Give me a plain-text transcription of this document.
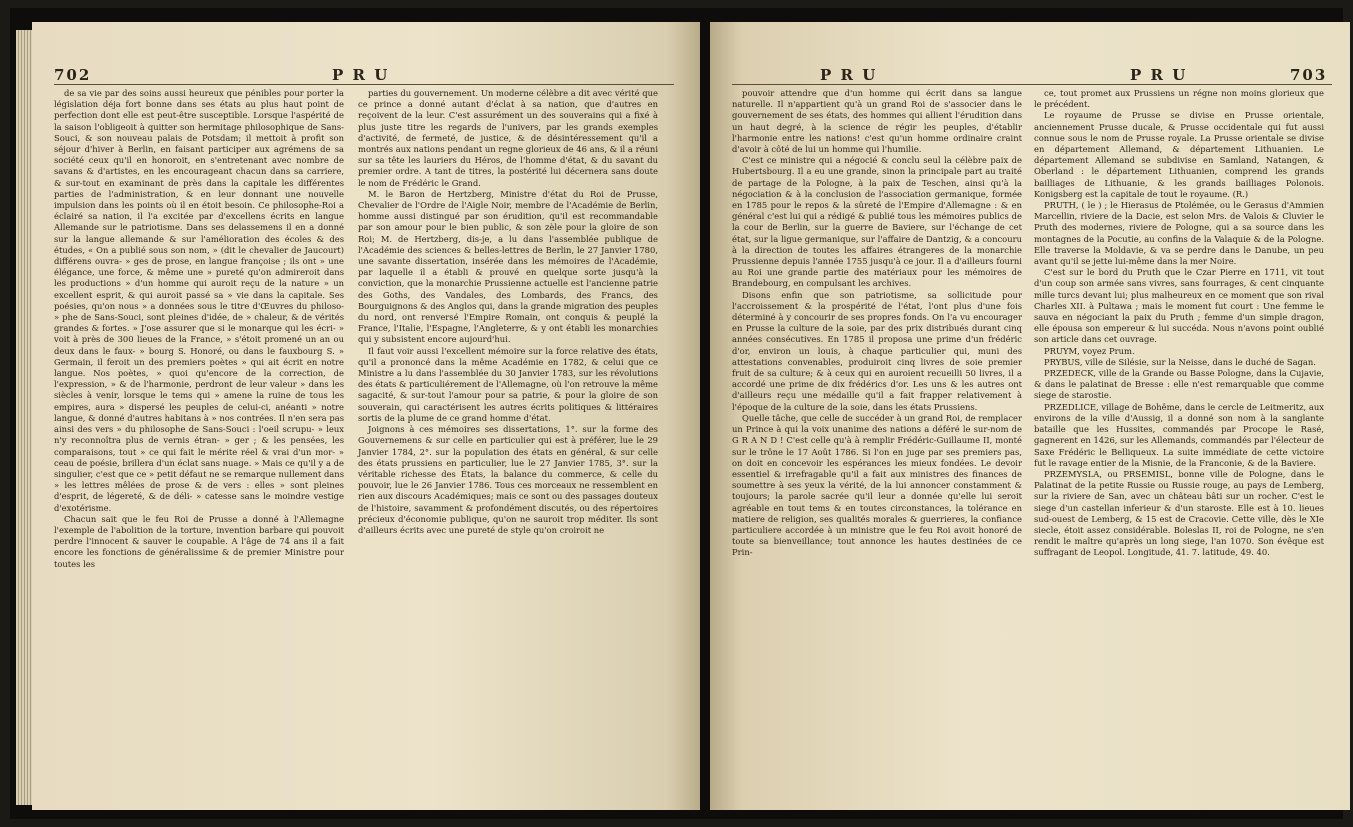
702	P R U

de sa vie par des soins aussi heureux que pénibles pour porter la législation déja fort bonne dans ses états au plus haut point de perfection dont elle est peut-être susceptible. Lorsque l'aspérité de la saison l'obligeoit à quitter son hermitage philosophique de Sans-Souci, & son nouveau palais de Potsdam; il mettoit à profit son séjour d'hiver à Berlin, en faisant participer aux agrémens de sa société ceux qu'il en honoroit, en s'entretenant avec nombre de savans & d'artistes, en les encourageant chacun dans sa carriere, & sur-tout en examinant de près dans la capitale les différentes parties de l'administration, & en leur donnant une nouvelle impulsion dans les points où il en étoit besoin. Ce philosophe-Roi a éclairé sa nation, il l'a excitée par d'excellens écrits en langue Allemande sur le patriotisme. Dans ses delassemens il en a donné sur la langue allemande & sur l'amélioration des écoles & des études, « On a publié sous son nom, » (dit le chevalier de Jaucourt) différens ouvra- » ges de prose, en langue françoise ; ils ont » une élégance, une force, & même une » pureté qu'on admireroit dans les productions » d'un homme qui auroit reçu de la nature » un excellent esprit, & qui auroit passé sa » vie dans la capitale. Ses poésies, qu'on nous » a données sous le titre d'Œuvres du philoso- » phe de Sans-Souci, sont pleines d'idée, de » chaleur, & de vérités grandes & fortes. » J'ose assurer que si le monarque qui les écri- » voit à près de 300 lieues de la France, » s'étoit promené un an ou deux dans le faux- » bourg S. Honoré, ou dans le fauxbourg S. » Germain, il feroit un des premiers poètes » qui ait écrit en notre langue. Nos poètes, » quoi qu'encore de la correction, de l'expression, » & de l'harmonie, perdront de leur valeur » dans les siècles à venir, lorsque le tems qui » amene la ruine de tous les empires, aura » dispersé les peuples de celui-ci, anéanti » notre langue, & donné d'autres habitans à » nos contrées. Il n'en sera pas ainsi des vers » du philosophe de Sans-Souci : l'oeil scrupu- » leux n'y reconnoîtra plus de vernis étran- » ger ; & les pensées, les comparaisons, tout » ce qui fait le mérite réel & vrai d'un mor- » ceau de poésie, brillera d'un éclat sans nuage. » Mais ce qu'il y a de singulier, c'est que ce » petit défaut ne se remarque nullement dans » les lettres mêlées de prose & de vers : elles » sont pleines d'esprit, de légereté, & de déli- » catesse sans le moindre vestige d'exotérisme.

Chacun sait que le feu Roi de Prusse a donné à l'Allemagne l'exemple de l'abolition de la torture, invention barbare qui pouvoit perdre l'innocent & sauver le coupable. A l'âge de 74 ans il a fait encore les fonctions de généralissime & de premier Ministre pour toutes les

parties du gouvernement. Un moderne célèbre a dit avec vérité que ce prince a donné autant d'éclat à sa nation, que d'autres en reçoivent de la leur. C'est assurément un des souverains qui a fixé à plus juste titre les regards de l'univers, par les grands exemples d'activité, de fermeté, de justice, & de désintéressement qu'il a montrés aux nations pendant un regne glorieux de 46 ans, & il a réuni sur sa tête les lauriers du Héros, de l'homme d'état, & du savant du premier ordre. A tant de titres, la postérité lui décernera sans doute le nom de Frédéric le Grand.

M. le Baron de Hertzberg, Ministre d'état du Roi de Prusse, Chevalier de l'Ordre de l'Aigle Noir, membre de l'Académie de Berlin, homme aussi distingué par son érudition, qu'il est recommandable par son amour pour le bien public, & son zèle pour la gloire de son Roi; M. de Hertzberg, dis-je, a lu dans l'assemblée publique de l'Académie des sciences & belles-lettres de Berlin, le 27 Janvier 1780, une savante dissertation, insérée dans les mémoires de l'Académie, par laquelle il a établi & prouvé en quelque sorte jusqu'à la conviction, que la monarchie Prussienne actuelle est l'ancienne patrie des Goths, des Vandales, des Lombards, des Francs, des Bourguignons & des Anglos qui, dans la grande migration des peuples du nord, ont renversé l'Empire Romain, ont conquis & peuplé la France, l'Italie, l'Espagne, l'Angleterre, & y ont établi les monarchies qui y subsistent encore aujourd'hui.

Il faut voir aussi l'excellent mémoire sur la force relative des états, qu'il a prononcé dans la même Académie en 1782, & celui que ce Ministre a lu dans l'assemblée du 30 Janvier 1783, sur les révolutions des états & particuliérement de l'Allemagne, où l'on retrouve la même sagacité, & sur-tout l'amour pour sa patrie, & pour la gloire de son souverain, qui caractérisent les autres écrits politiques & littéraires sortis de la plume de ce grand homme d'état.

Joignons à ces mémoires ses dissertations, 1°. sur la forme des Gouvernemens & sur celle en particulier qui est à préférer, lue le 29 Janvier 1784, 2°. sur la population des états en général, & sur celle des états prussiens en particulier, lue le 27 Janvier 1785, 3°. sur la véritable richesse des États, la balance du commerce, & celle du pouvoir, lue le 26 Janvier 1786. Tous ces morceaux ne ressemblent en rien aux discours Académiques; mais ce sont ou des passages douteux de l'histoire, savamment & profondément discutés, ou des répertoires précieux d'économie publique, qu'on ne sauroit trop méditer. Ils sont d'ailleurs écrits avec une pureté de style qu'on croiroit ne

P R U	P R U	703

pouvoir attendre que d'un homme qui écrit dans sa langue naturelle. Il n'appartient qu'à un grand Roi de s'associer dans le gouvernement de ses états, des hommes qui allient l'érudition dans un haut degré, à la science de régir les peuples, d'établir l'harmonie entre les nations! c'est qu'un homme ordinaire craint d'avoir à côté de lui un homme qui l'humilie.

C'est ce ministre qui a négocié & conclu seul la célèbre paix de Hubertsbourg. Il a eu une grande, sinon la principale part au traité de partage de la Pologne, à la paix de Teschen, ainsi qu'à la négociation & à la conclusion de l'association germanique, formée en 1785 pour le repos & la sûreté de l'Empire d'Allemagne : & en général c'est lui qui a rédigé & publié tous les mémoires publics de la cour de Berlin, sur la guerre de Baviere, sur l'échange de cet état, sur la ligue germanique, sur l'affaire de Dantzig, & a concouru à la direction de toutes les affaires étrangeres de la monarchie Prussienne depuis l'année 1755 jusqu'à ce jour. Il a d'ailleurs fourni au Roi une grande partie des matériaux pour les mémoires de Brandebourg, en compulsant les archives.

Disons enfin que son patriotisme, sa sollicitude pour l'accroissement & la prospérité de l'état, l'ont plus d'une fois déterminé à y concourir de ses propres fonds. On l'a vu encourager en Prusse la culture de la soie, par des prix distribués durant cinq années consécutives. En 1785 il proposa une prime d'un frédéric d'or, environ un louis, à chaque particulier qui, muni des attestations convenables, produiroit cinq livres de soie premier fruit de sa culture; & à ceux qui en auroient recueilli 50 livres, il a accordé une prime de dix frédérics d'or. Les uns & les autres ont d'ailleurs reçu une médaille qu'il a fait frapper relativement à l'époque de la culture de la soie, dans les états Prussiens.

Quelle tâche, que celle de succéder à un grand Roi, de remplacer un Prince à qui la voix unanime des nations a déféré le sur-nom de G R A N D ! C'est celle qu'à à remplir Frédéric-Guillaume II, monté sur le trône le 17 Août 1786. Si l'on en juge par ses premiers pas, on doit en concevoir les espérances les mieux fondées. Le devoir essentiel & irrefragable qu'il a fait aux ministres des finances de soumettre à ses yeux la vérité, de la lui annoncer constamment & toujours; la parole sacrée qu'il leur a donnée qu'elle lui seroit agréable en tout tems & en toutes circonstances, la tolérance en matiere de religion, ses qualités morales & guerrieres, la confiance particuliere accordée à un ministre que le feu Roi avoit honoré de toute sa bienveillance; tout annonce les hautes destinées de ce Prin-

ce, tout promet aux Prussiens un régne non moins glorieux que le précédent.

Le royaume de Prusse se divise en Prusse orientale, anciennement Prusse ducale, & Prusse occidentale qui fut aussi connue sous le nom de Prusse royale. La Prusse orientale se divise en département Allemand, & département Lithuanien. Le département Allemand se subdivise en Samland, Natangen, & Oberland : le département Lithuanien, comprend les grands bailliages de Lithuanie, & les grands bailliages Polonois. Konigsberg est la capitale de tout le royaume. (R.)

PRUTH, ( le ) ; le Hierasus de Ptolémée, ou le Gerasus d'Ammien Marcellin, riviere de la Dacie, est selon Mrs. de Valois & Cluvier le Pruth des modernes, riviere de Pologne, qui a sa source dans les montagnes de la Pocutie, au confins de la Valaquie & de la Pologne. Elle traverse la Moldavie, & va se perdre dans le Danube, un peu avant qu'il se jette lui-même dans la mer Noire.

C'est sur le bord du Pruth que le Czar Pierre en 1711, vit tout d'un coup son armée sans vivres, sans fourrages, & cent cinquante mille turcs devant lui; plus malheureux en ce moment que son rival Charles XII. à Pultawa ; mais le moment fut court : Une femme le sauva en négociant la paix du Pruth ; femme d'un simple dragon, elle épousa son empereur & lui succéda. Nous n'avons point oublié son article dans cet ouvrage.

PRUYM, voyez Prum.

PRYBUS, ville de Silésie, sur la Neisse, dans le duché de Sagan.

PRZEDECK, ville de la Grande ou Basse Pologne, dans la Cujavie, & dans le palatinat de Bresse : elle n'est remarquable que comme siege de starostie.

PRZEDLICE, village de Bohême, dans le cercle de Leitmeritz, aux environs de la ville d'Aussig, il a donné son nom à la sanglante bataille que les Hussites, commandés par Procope le Rasé, gagnerent en 1426, sur les Allemands, commandés par l'électeur de Saxe Frédéric le Belliqueux. La suite immédiate de cette victoire fut le ravage entier de la Misnie, de la Franconie, & de la Baviere.

PRZEMYSLA, ou PRSEMISL, bonne ville de Pologne, dans le Palatinat de la petite Russie ou Russie rouge, au pays de Lemberg, sur la riviere de San, avec un château bâti sur un rocher. C'est le siege d'un castellan inferieur & d'un staroste. Elle est à 10. lieues sud-ouest de Lemberg, & 15 est de Cracovie. Cette ville, dès le XIe siecle, étoit assez considérable. Boleslas II, roi de Pologne, ne s'en rendit le maître qu'après un long siege, l'an 1070. Son évêque est suffragant de Leopol. Longitude, 41. 7. latitude, 49. 40.
